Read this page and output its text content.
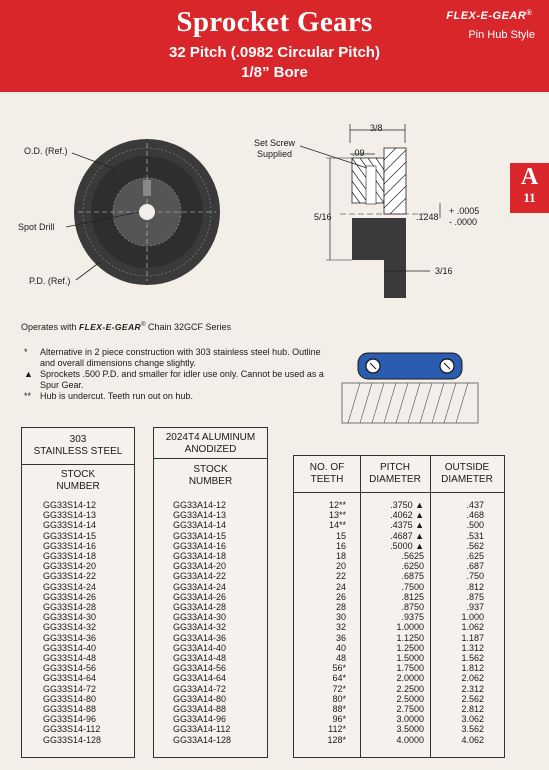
Sprocket Gears
32 Pitch (.0982 Circular Pitch)
1/8” Bore
FLEX-E-GEAR®
Pin Hub Style
A
11
O.D. (Ref.)
Spot Drill
P.D. (Ref.)
Set Screw
Supplied
3/8
.09
5/16	.1248
+ .0005
- .0000
3/16
Operates with FLEX-E-GEAR® Chain 32GCF Series
* Alternative in 2 piece construction with 303 stainless steel hub. Outline and overall dimensions change slightly.
▲ Sprockets .500 P.D. and smaller for idler use only. Cannot be used as a Spur Gear.
** Hub is undercut. Teeth run out on hub.
303
STAINLESS STEEL
STOCK
NUMBER
GG33S14-12
GG33S14-13
GG33S14-14
GG33S14-15
GG33S14-16
GG33S14-18
GG33S14-20
GG33S14-22
GG33S14-24
GG33S14-26
GG33S14-28
GG33S14-30
GG33S14-32
GG33S14-36
GG33S14-40
GG33S14-48
GG33S14-56
GG33S14-64
GG33S14-72
GG33S14-80
GG33S14-88
GG33S14-96
GG33S14-112
GG33S14-128
2024T4 ALUMINUM
ANODIZED
STOCK
NUMBER
GG33A14-12
GG33A14-13
GG33A14-14
GG33A14-15
GG33A14-16
GG33A14-18
GG33A14-20
GG33A14-22
GG33A14-24
GG33A14-26
GG33A14-28
GG33A14-30
GG33A14-32
GG33A14-36
GG33A14-40
GG33A14-48
GG33A14-56
GG33A14-64
GG33A14-72
GG33A14-80
GG33A14-88
GG33A14-96
GG33A14-112
GG33A14-128
NO. OF
TEETH
PITCH
DIAMETER
OUTSIDE
DIAMETER
12**
13**
14**
15
16
18
20
22
24
26
28
30
32
36
40
48
56*
64*
72*
80*
88*
96*
112*
128*
.3750 ▲
.4062 ▲
.4375 ▲
.4687 ▲
.5000 ▲
.5625
.6250
.6875
.7500
.8125
.8750
.9375
1.0000
1.1250
1.2500
1.5000
1.7500
2.0000
2.2500
2.5000
2.7500
3.0000
3.5000
4.0000
.437
.468
.500
.531
.562
.625
.687
.750
.812
.875
.937
1.000
1.062
1.187
1.312
1.562
1.812
2.062
2.312
2.562
2.812
3.062
3.562
4.062
